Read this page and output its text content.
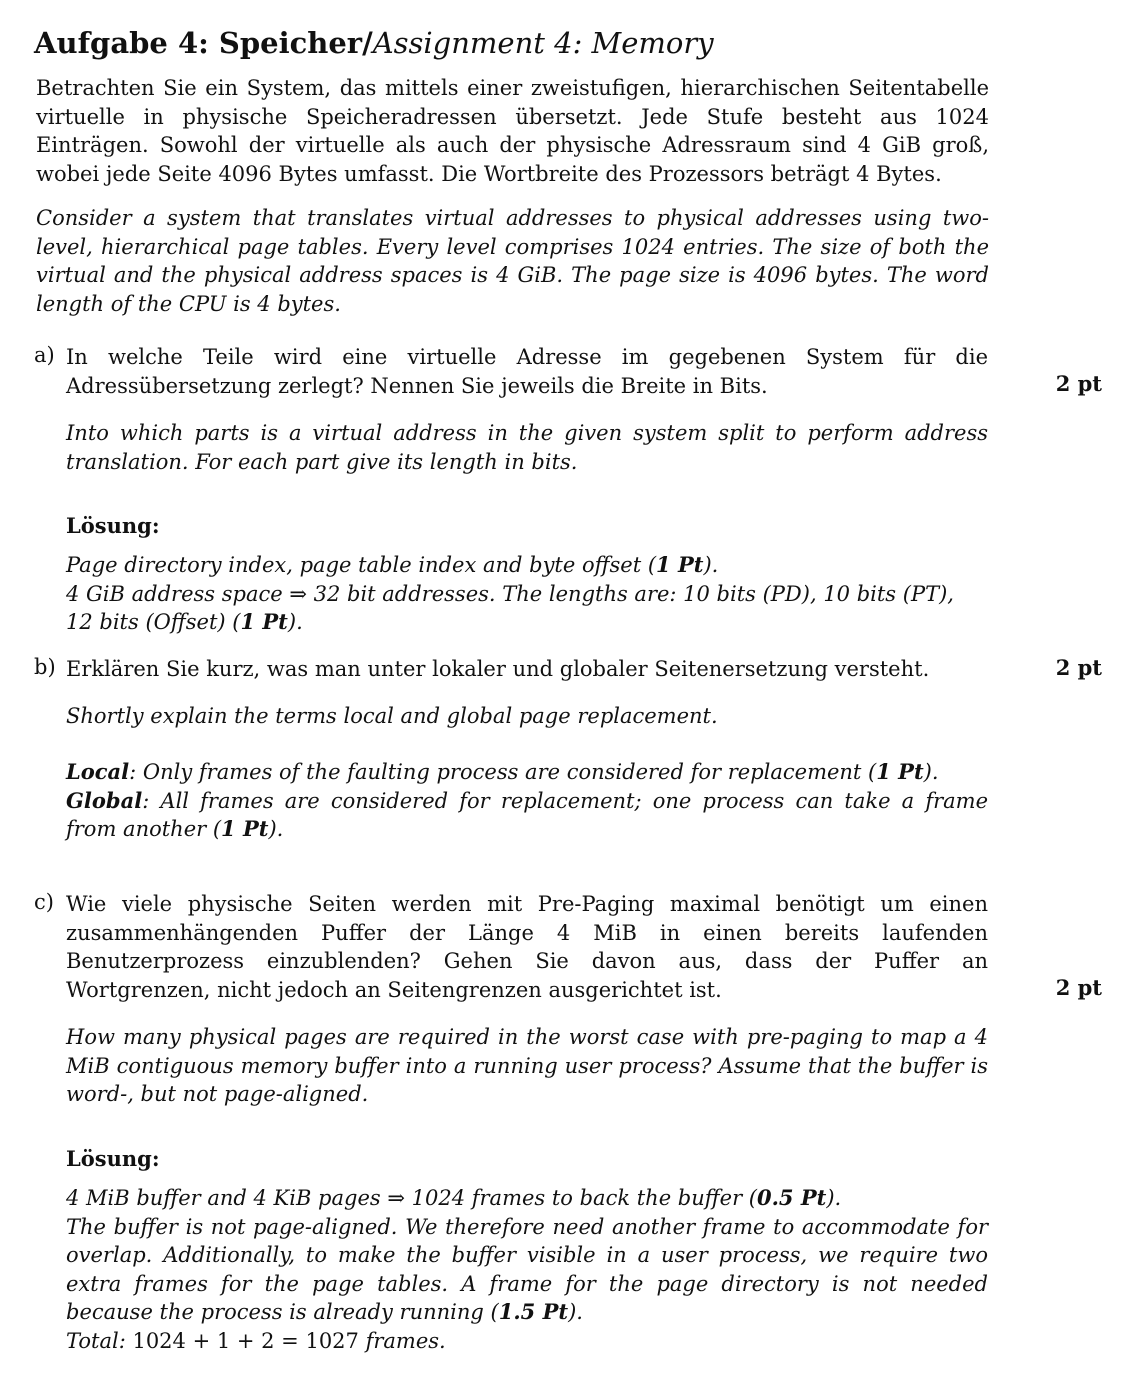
Aufgabe 4: Speicher/Assignment 4: Memory
Betrachten Sie ein System, das mittels einer zweistufigen, hierarchischen Seitentabelle virtuelle in physische Speicheradressen übersetzt. Jede Stufe besteht aus 1024 Einträgen. Sowohl der virtuelle als auch der physische Adressraum sind 4 GiB groß, wobei jede Seite 4096 Bytes umfasst. Die Wortbreite des Prozessors beträgt 4 Bytes.
Consider a system that translates virtual addresses to physical addresses using two-level, hierarchical page tables. Every level comprises 1024 entries. The size of both the virtual and the physical address spaces is 4 GiB. The page size is 4096 bytes. The word length of the CPU is 4 bytes.
a) In welche Teile wird eine virtuelle Adresse im gegebenen System für die Adressübersetzung zerlegt? Nennen Sie jeweils die Breite in Bits.	2 pt
Into which parts is a virtual address in the given system split to perform address translation. For each part give its length in bits.
Lösung:
Page directory index, page table index and byte offset (1 Pt).
4 GiB address space ⇒ 32 bit addresses. The lengths are: 10 bits (PD), 10 bits (PT),
12 bits (Offset) (1 Pt).
b) Erklären Sie kurz, was man unter lokaler und globaler Seitenersetzung versteht.	2 pt
Shortly explain the terms local and global page replacement.
Local: Only frames of the faulting process are considered for replacement (1 Pt).
Global: All frames are considered for replacement; one process can take a frame
from another (1 Pt).
c) Wie viele physische Seiten werden mit Pre-Paging maximal benötigt um einen zusammenhängenden Puffer der Länge 4 MiB in einen bereits laufenden Benutzerprozess einzublenden? Gehen Sie davon aus, dass der Puffer an Wortgrenzen, nicht jedoch an Seitengrenzen ausgerichtet ist.	2 pt
How many physical pages are required in the worst case with pre-paging to map a 4 MiB contiguous memory buffer into a running user process? Assume that the buffer is word-, but not page-aligned.
Lösung:
4 MiB buffer and 4 KiB pages ⇒ 1024 frames to back the buffer (0.5 Pt).
The buffer is not page-aligned. We therefore need another frame to accommodate for overlap. Additionally, to make the buffer visible in a user process, we require two extra frames for the page tables. A frame for the page directory is not needed because the process is already running (1.5 Pt).
Total: 1024 + 1 + 2 = 1027 frames.
